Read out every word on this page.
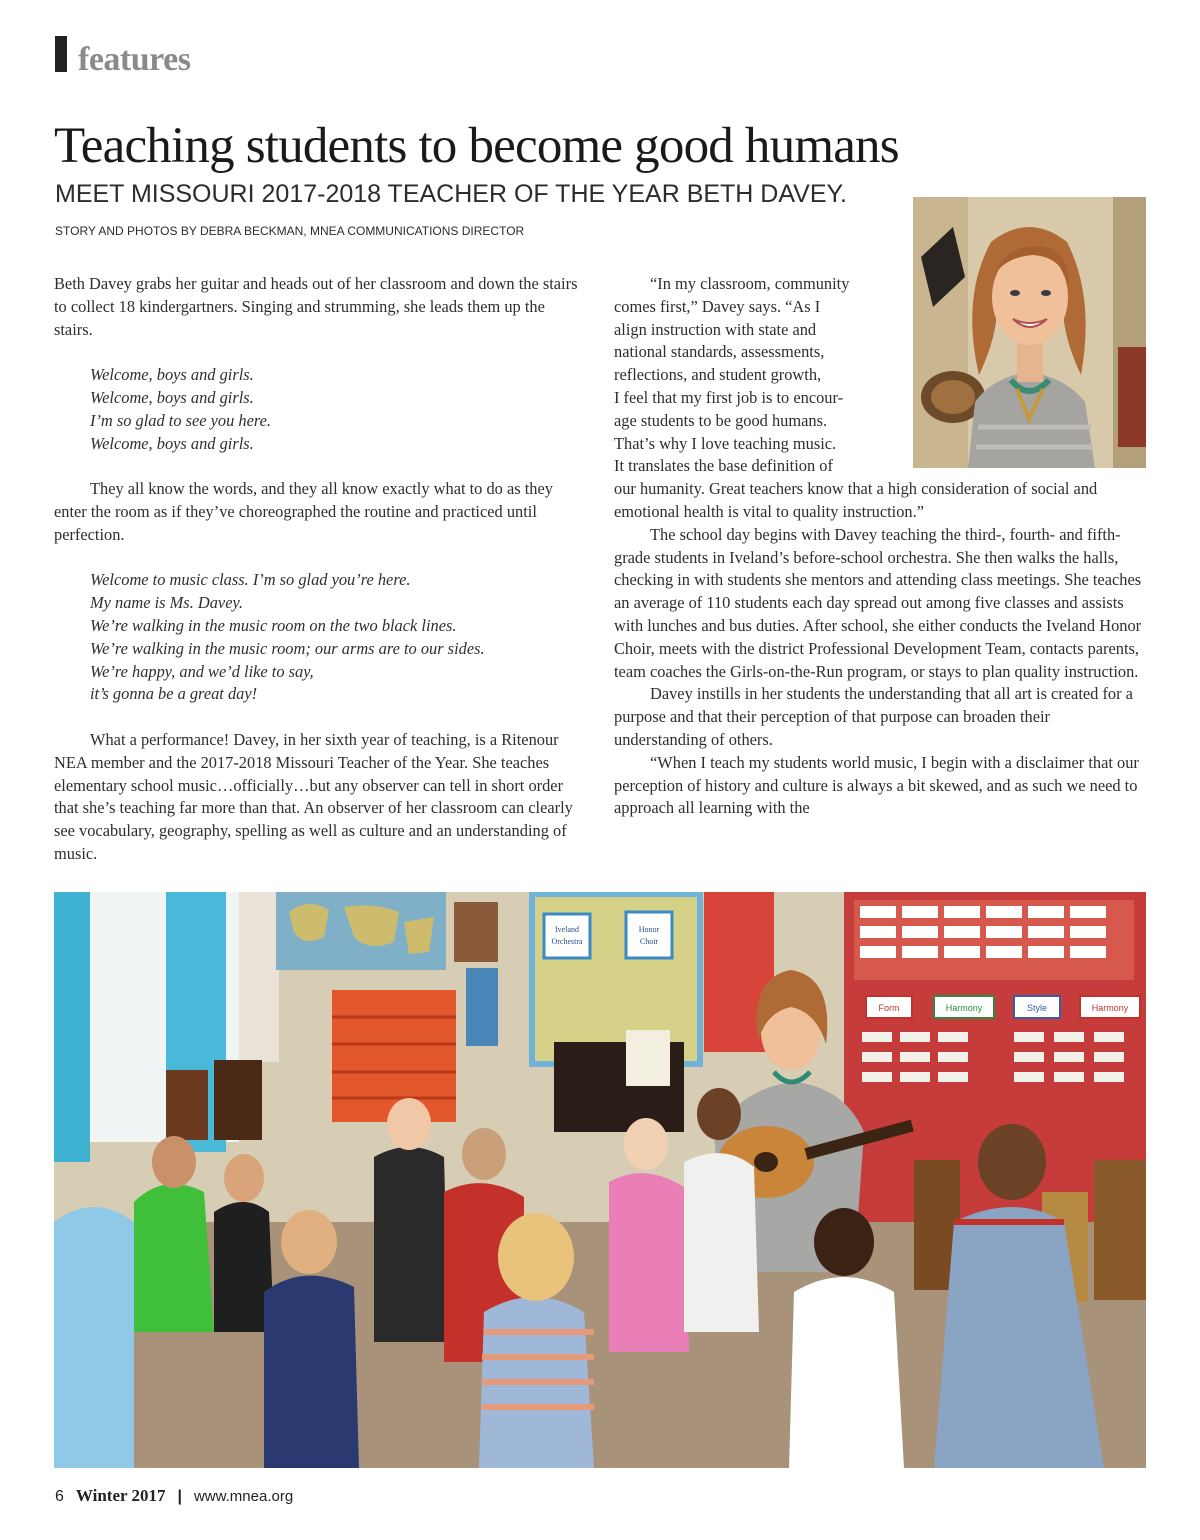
features
Teaching students to become good humans
MEET MISSOURI 2017-2018 TEACHER OF THE YEAR BETH DAVEY.
STORY AND PHOTOS BY DEBRA BECKMAN, MNEA COMMUNICATIONS DIRECTOR

Beth Davey grabs her guitar and heads out of her classroom and down the stairs to collect 18 kindergartners. Singing and strumming, she leads them up the stairs.

Welcome, boys and girls.
Welcome, boys and girls.
I’m so glad to see you here.
Welcome, boys and girls.

They all know the words, and they all know exactly what to do as they enter the room as if they’ve choreographed the routine and practiced until perfection.

Welcome to music class. I’m so glad you’re here.
My name is Ms. Davey.
We’re walking in the music room on the two black lines.
We’re walking in the music room; our arms are to our sides.
We’re happy, and we’d like to say,
it’s gonna be a great day!

What a performance! Davey, in her sixth year of teaching, is a Ritenour NEA member and the 2017-2018 Missouri Teacher of the Year. She teaches elementary school music…officially…but any observer can tell in short order that she’s teaching far more than that. An observer of her classroom can clearly see vocabulary, geography, spelling as well as culture and an understanding of music.

“In my classroom, community
comes first,” Davey says. “As I
align instruction with state and
national standards, assessments,
reflections, and student growth,
I feel that my first job is to encour-
age students to be good humans.
That’s why I love teaching music.
It translates the base definition of

our humanity. Great teachers know that a high consideration of social and emotional health is vital to quality instruction.”

The school day begins with Davey teaching the third-, fourth- and fifth-grade students in Iveland’s before-school orchestra. She then walks the halls, checking in with students she mentors and attending class meetings. She teaches an average of 110 students each day spread out among five classes and assists with lunches and bus duties. After school, she either conducts the Iveland Honor Choir, meets with the district Professional Development Team, contacts parents, team coaches the Girls-on-the-Run program, or stays to plan quality instruction.

Davey instills in her students the understanding that all art is created for a purpose and that their perception of that purpose can broaden their understanding of others.

“When I teach my students world music, I begin with a disclaimer that our perception of history and culture is always a bit skewed, and as such we need to approach all learning with the

Iveland
Orchestra
Honor
Choir
Form	Harmony	Style	Harmony
6 Winter 2017 | www.mnea.org
